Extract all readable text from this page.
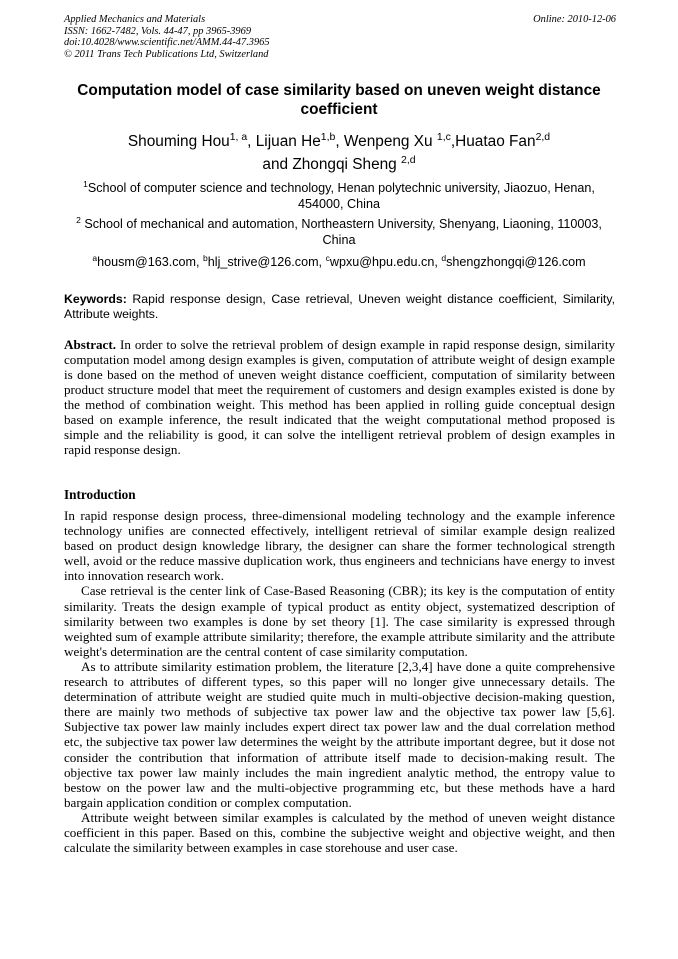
Applied Mechanics and Materials
ISSN: 1662-7482, Vols. 44-47, pp 3965-3969
doi:10.4028/www.scientific.net/AMM.44-47.3965
© 2011 Trans Tech Publications Ltd, Switzerland
Online: 2010-12-06
Computation model of case similarity based on uneven weight distance coefficient
Shouming Hou$^{1, a}$, Lijuan He$^{1,b}$, Wenpeng Xu $^{1,c}$,Huatao Fan$^{2,d}$
and Zhongqi Sheng $^{2,d}$
$^1$School of computer science and technology, Henan polytechnic university, Jiaozuo, Henan, 454000, China
$^2$ School of mechanical and automation, Northeastern University, Shenyang, Liaoning, 110003, China
$^a$housm@163.com, $^b$hlj_strive@126.com, $^c$wpxu@hpu.edu.cn, $^d$shengzhongqi@126.com
Keywords: Rapid response design, Case retrieval, Uneven weight distance coefficient, Similarity, Attribute weights.
Abstract. In order to solve the retrieval problem of design example in rapid response design, similarity computation model among design examples is given, computation of attribute weight of design example is done based on the method of uneven weight distance coefficient, computation of similarity between product structure model that meet the requirement of customers and design examples existed is done by the method of combination weight. This method has been applied in rolling guide conceptual design based on example inference, the result indicated that the weight computational method proposed is simple and the reliability is good, it can solve the intelligent retrieval problem of design examples in rapid response design.
Introduction

In rapid response design process, three-dimensional modeling technology and the example inference technology unifies are connected effectively, intelligent retrieval of similar example design realized based on product design knowledge library, the designer can share the former technological strength well, avoid or the reduce massive duplication work, thus engineers and technicians have energy to invest into innovation research work.

Case retrieval is the center link of Case-Based Reasoning (CBR); its key is the computation of entity similarity. Treats the design example of typical product as entity object, systematized description of similarity between two examples is done by set theory [1]. The case similarity is expressed through weighted sum of example attribute similarity; therefore, the example attribute similarity and the attribute weight's determination are the central content of case similarity computation.

As to attribute similarity estimation problem, the literature [2,3,4] have done a quite comprehensive research to attributes of different types, so this paper will no longer give unnecessary details. The determination of attribute weight are studied quite much in multi-objective decision-making question, there are mainly two methods of subjective tax power law and the objective tax power law [5,6]. Subjective tax power law mainly includes expert direct tax power law and the dual correlation method etc, the subjective tax power law determines the weight by the attribute important degree, but it dose not consider the contribution that information of attribute itself made to decision-making result. The objective tax power law mainly includes the main ingredient analytic method, the entropy value to bestow on the power law and the multi-objective programming etc, but these methods have a hard bargain application condition or complex computation.

Attribute weight between similar examples is calculated by the method of uneven weight distance coefficient in this paper. Based on this, combine the subjective weight and objective weight, and then calculate the similarity between examples in case storehouse and user case.
